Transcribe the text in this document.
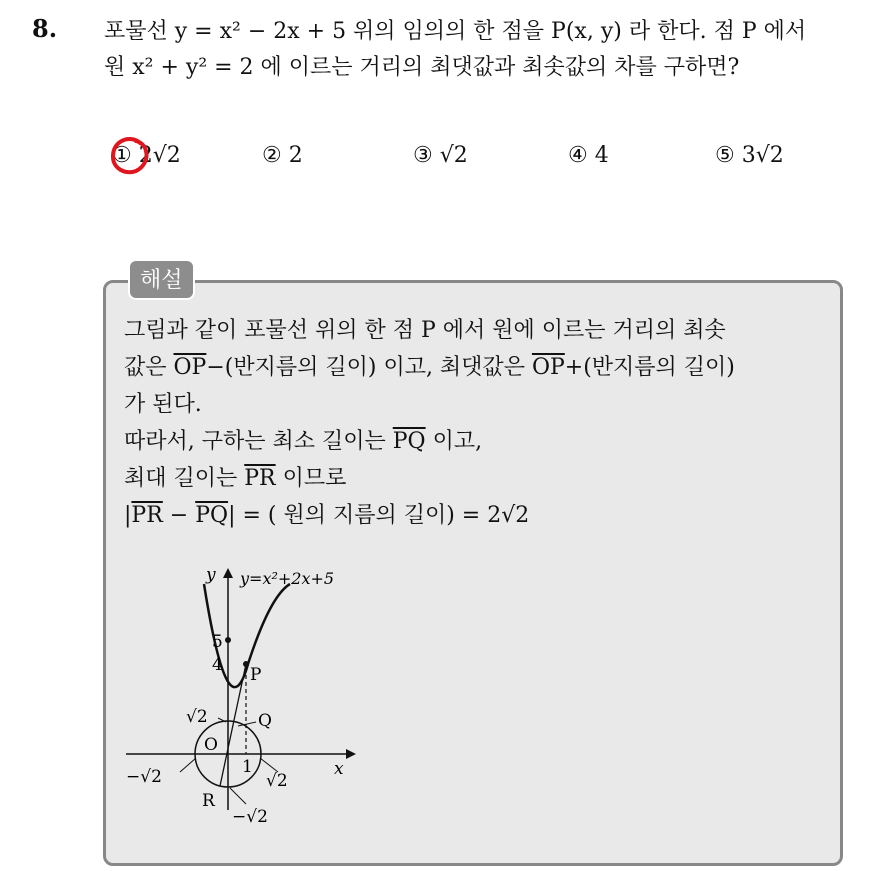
8. 포물선 y = x² − 2x + 5 위의 임의의 한 점을 P(x, y) 라 한다. 점 P 에서
원 x² + y² = 2 에 이르는 거리의 최댓값과 최솟값의 차를 구하면?
① 2√2	② 2	③ √2	④ 4	⑤ 3√2
해설
그림과 같이 포물선 위의 한 점 P 에서 원에 이르는 거리의 최솟
값은 $\overline{OP}-$(반지름의 길이) 이고, 최댓값은 $\overline{OP}+$(반지름의 길이)
가 된다.
따라서, 구하는 최소 길이는 $\overline{PQ}$ 이고,
최대 길이는 $\overline{PR}$ 이므로
$|\overline{PR} - \overline{PQ}|$ = ( 원의 지름의 길이) = 2√2
y
x
y=x²+2x+5
5
4 P
Q
O
R
1
√2
−√2	√2
−√2
